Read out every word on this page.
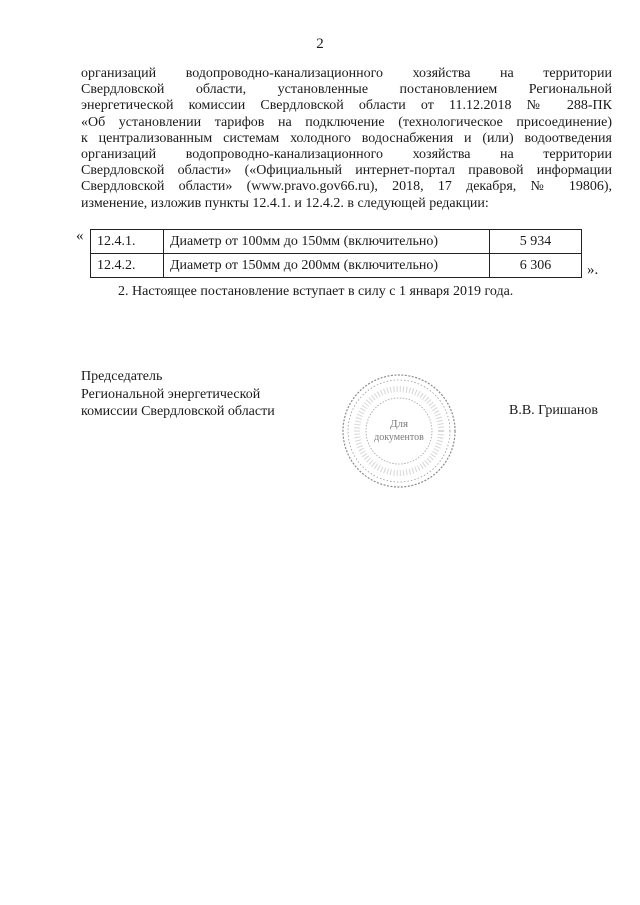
2
организаций водопроводно-канализационного хозяйства на территории
Свердловской области, установленные постановлением Региональной
энергетической комиссии Свердловской области от 11.12.2018 № 288-ПК
«Об установлении тарифов на подключение (технологическое присоединение)
к централизованным системам холодного водоснабжения и (или) водоотведения
организаций водопроводно-канализационного хозяйства на территории
Свердловской области» («Официальный интернет-портал правовой информации
Свердловской области» (www.pravo.gov66.ru), 2018, 17 декабря, № 19806),
изменение, изложив пункты 12.4.1. и 12.4.2. в следующей редакции:
« 12.4.1.	Диаметр от 100мм до 150мм (включительно)	5 934
12.4.2.	Диаметр от 150мм до 200мм (включительно)	6 306 ».
2. Настоящее постановление вступает в силу с 1 января 2019 года.
Председатель
Региональной энергетической
комиссии Свердловской области	В.В. Гришанов
Для
документов
